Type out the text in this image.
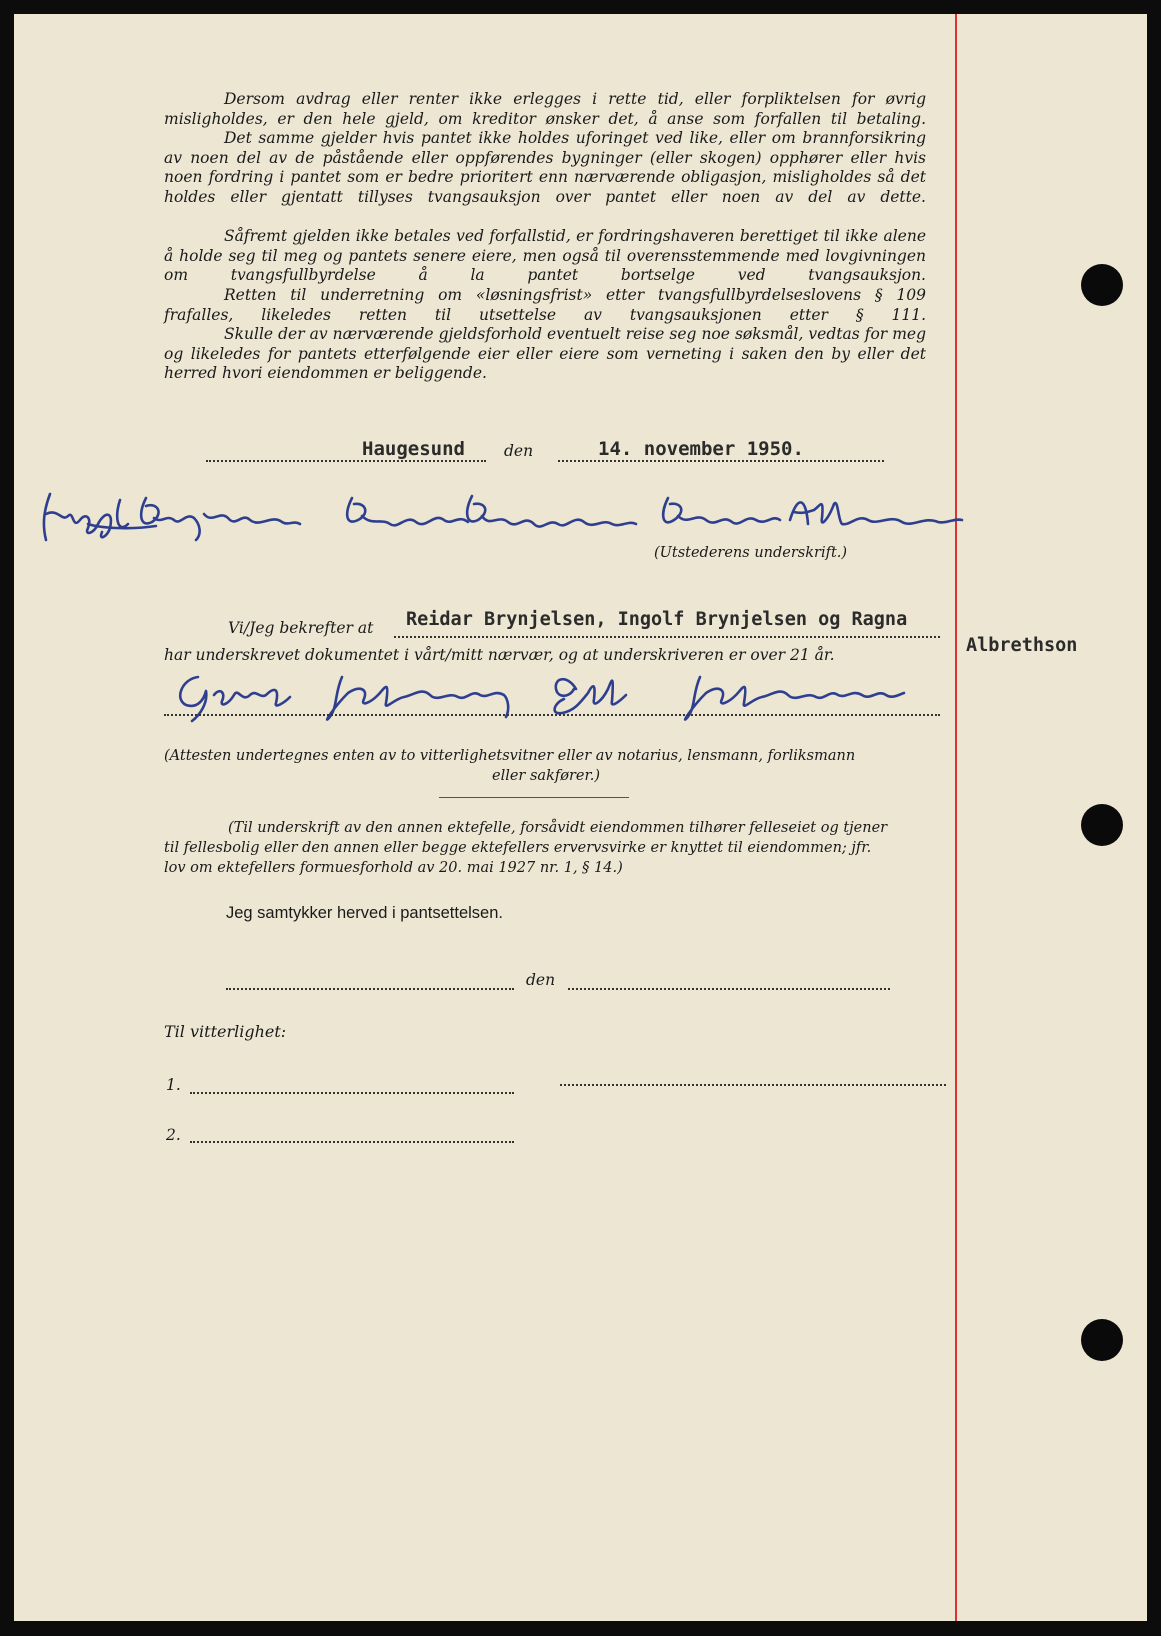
Dersom avdrag eller renter ikke erlegges i rette tid, eller forpliktelsen for øvrig misligholdes, er den hele gjeld, om kreditor ønsker det, å anse som forfallen til betaling.
Det samme gjelder hvis pantet ikke holdes uforinget ved like, eller om brannforsikring av noen del av de påstående eller oppførendes bygninger (eller skogen) opphører eller hvis noen fordring i pantet som er bedre prioritert enn nærværende obligasjon, misligholdes så det holdes eller gjentatt tillyses tvangsauksjon over pantet eller noen av del av dette.
Såfremt gjelden ikke betales ved forfallstid, er fordringshaveren berettiget til ikke alene å holde seg til meg og pantets senere eiere, men også til overensstemmende med lovgivningen om tvangsfullbyrdelse å la pantet bortselge ved tvangsauksjon.
Retten til underretning om «løsningsfrist» etter tvangsfullbyrdelseslovens § 109 frafalles, likeledes retten til utsettelse av tvangsauksjonen etter § 111.
Skulle der av nærværende gjeldsforhold eventuelt reise seg noe søksmål, vedtas for meg og likeledes for pantets etterfølgende eier eller eiere som verneting i saken den by eller det herred hvori eiendommen er beliggende.
Haugesund	den	14. november 1950.
(Utstederens underskrift.)
Vi/Jeg bekrefter at Reidar Brynjelsen, Ingolf Brynjelsen og Ragna
Albrethson
har underskrevet dokumentet i vårt/mitt nærvær, og at underskriveren er over 21 år.
(Attesten undertegnes enten av to vitterlighetsvitner eller av notarius, lensmann, forliksmann
eller sakfører.)
(Til underskrift av den annen ektefelle, forsåvidt eiendommen tilhører felleseiet og tjener
til fellesbolig eller den annen eller begge ektefellers ervervsvirke er knyttet til eiendommen; jfr.
lov om ektefellers formuesforhold av 20. mai 1927 nr. 1, § 14.)
Jeg samtykker herved i pantsettelsen.
den
Til vitterlighet:
1.
2.
